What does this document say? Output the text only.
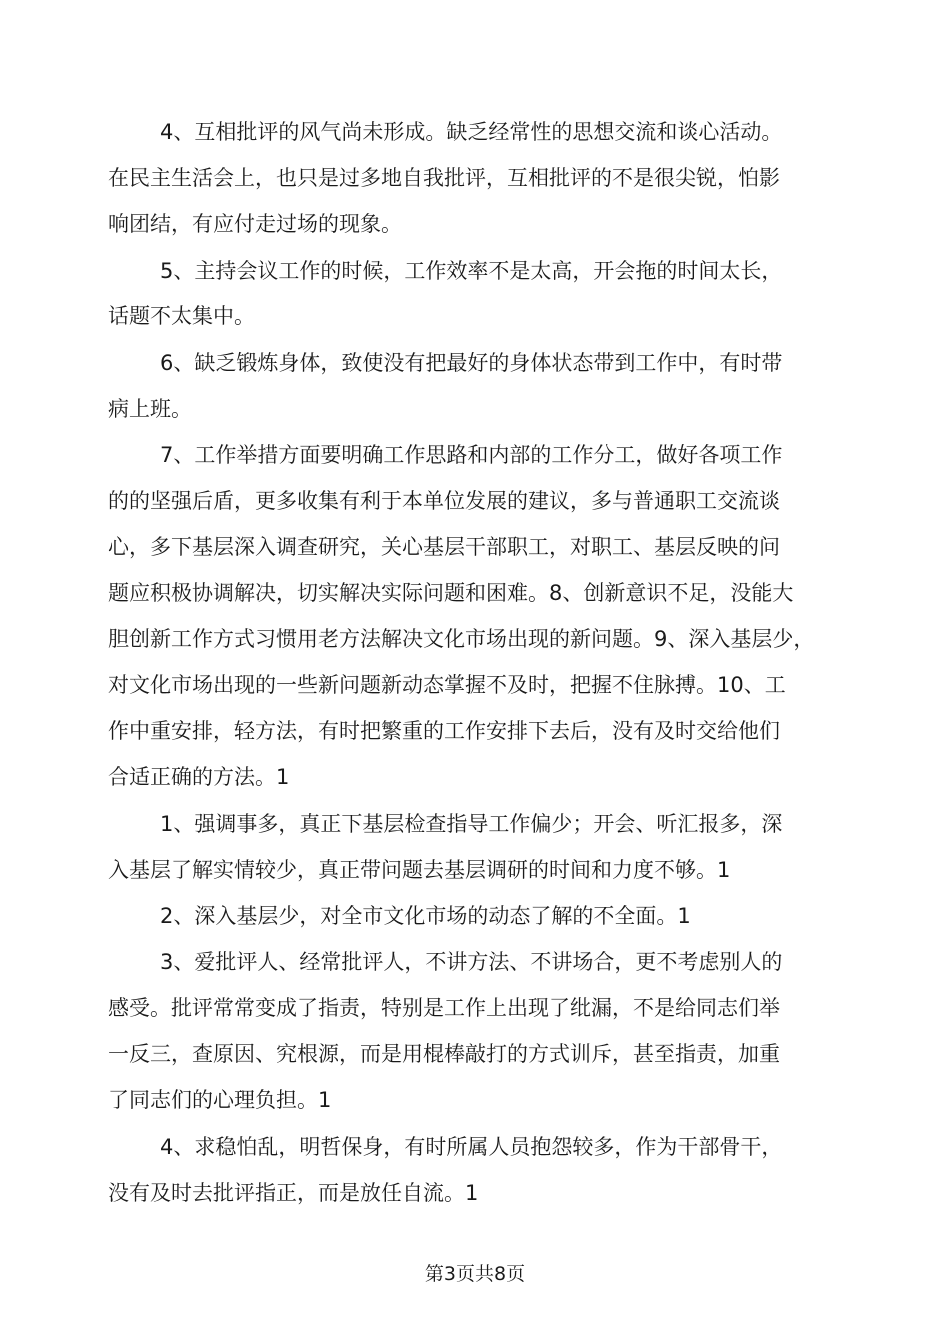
4、互相批评的风气尚未形成。缺乏经常性的思想交流和谈心活动。

在民主生活会上，也只是过多地自我批评，互相批评的不是很尖锐，怕影

响团结，有应付走过场的现象。

5、主持会议工作的时候，工作效率不是太高，开会拖的时间太长，

话题不太集中。

6、缺乏锻炼身体，致使没有把最好的身体状态带到工作中，有时带

病上班。

7、工作举措方面要明确工作思路和内部的工作分工，做好各项工作

的的坚强后盾，更多收集有利于本单位发展的建议，多与普通职工交流谈

心，多下基层深入调查研究，关心基层干部职工，对职工、基层反映的问

题应积极协调解决，切实解决实际问题和困难。8、创新意识不足，没能大

胆创新工作方式习惯用老方法解决文化市场出现的新问题。9、深入基层少，

对文化市场出现的一些新问题新动态掌握不及时，把握不住脉搏。10、工

作中重安排，轻方法，有时把繁重的工作安排下去后，没有及时交给他们

合适正确的方法。1

1、强调事多，真正下基层检查指导工作偏少；开会、听汇报多，深

入基层了解实情较少，真正带问题去基层调研的时间和力度不够。1

2、深入基层少，对全市文化市场的动态了解的不全面。1

3、爱批评人、经常批评人，不讲方法、不讲场合，更不考虑别人的

感受。批评常常变成了指责，特别是工作上出现了纰漏，不是给同志们举

一反三，查原因、究根源，而是用棍棒敲打的方式训斥，甚至指责，加重

了同志们的心理负担。1

4、求稳怕乱，明哲保身，有时所属人员抱怨较多，作为干部骨干，

没有及时去批评指正，而是放任自流。1

第3页共8页
